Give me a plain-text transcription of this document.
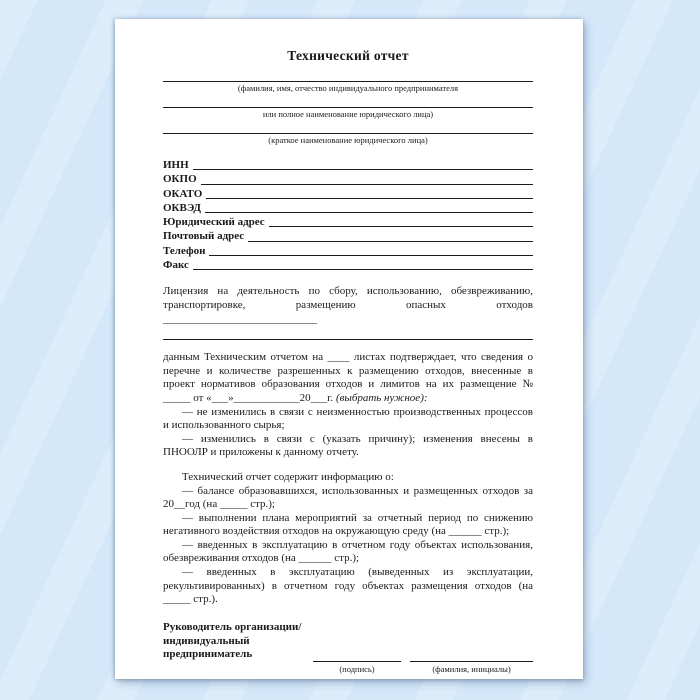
Технический отчет
(фамилия, имя, отчество индивидуального предпринимателя
или полное наименование юридического лица)
(краткое наименование юридического лица)
ИНН
ОКПО
ОКАТО
ОКВЭД
Юридический адрес
Почтовый адрес
Телефон
Факс

Лицензия на деятельность по сбору, использованию, обезвреживанию, транспортировке, размещению опасных отходов ____________________________

данным Техническим отчетом на ____ листах подтверждает, что сведения о перечне и количестве разрешенных к размещению отходов, внесенные в проект нормативов образования отходов и лимитов на их размещение № _____ от «___»____________20___г. (выбрать нужное):

— не изменились в связи с неизменностью производственных процессов и использованного сырья;

— изменились в связи с (указать причину); изменения внесены в ПНООЛР и приложены к данному отчету.

Технический отчет содержит информацию о:

— балансе образовавшихся, использованных и размещенных отходов за 20__год (на _____ стр.);

— выполнении плана мероприятий за отчетный период по снижению негативного воздействия отходов на окружающую среду (на ______ стр.);

— введенных в эксплуатацию в отчетном году объектах использования, обезвреживания отходов (на ______ стр.);

— введенных в эксплуатацию (выведенных из эксплуатации, рекультивированных) в отчетном году объектах размещения отходов (на _____ стр.).

Руководитель организации/
индивидуальный
предприниматель
(подпись)	(фамилия, инициалы)
